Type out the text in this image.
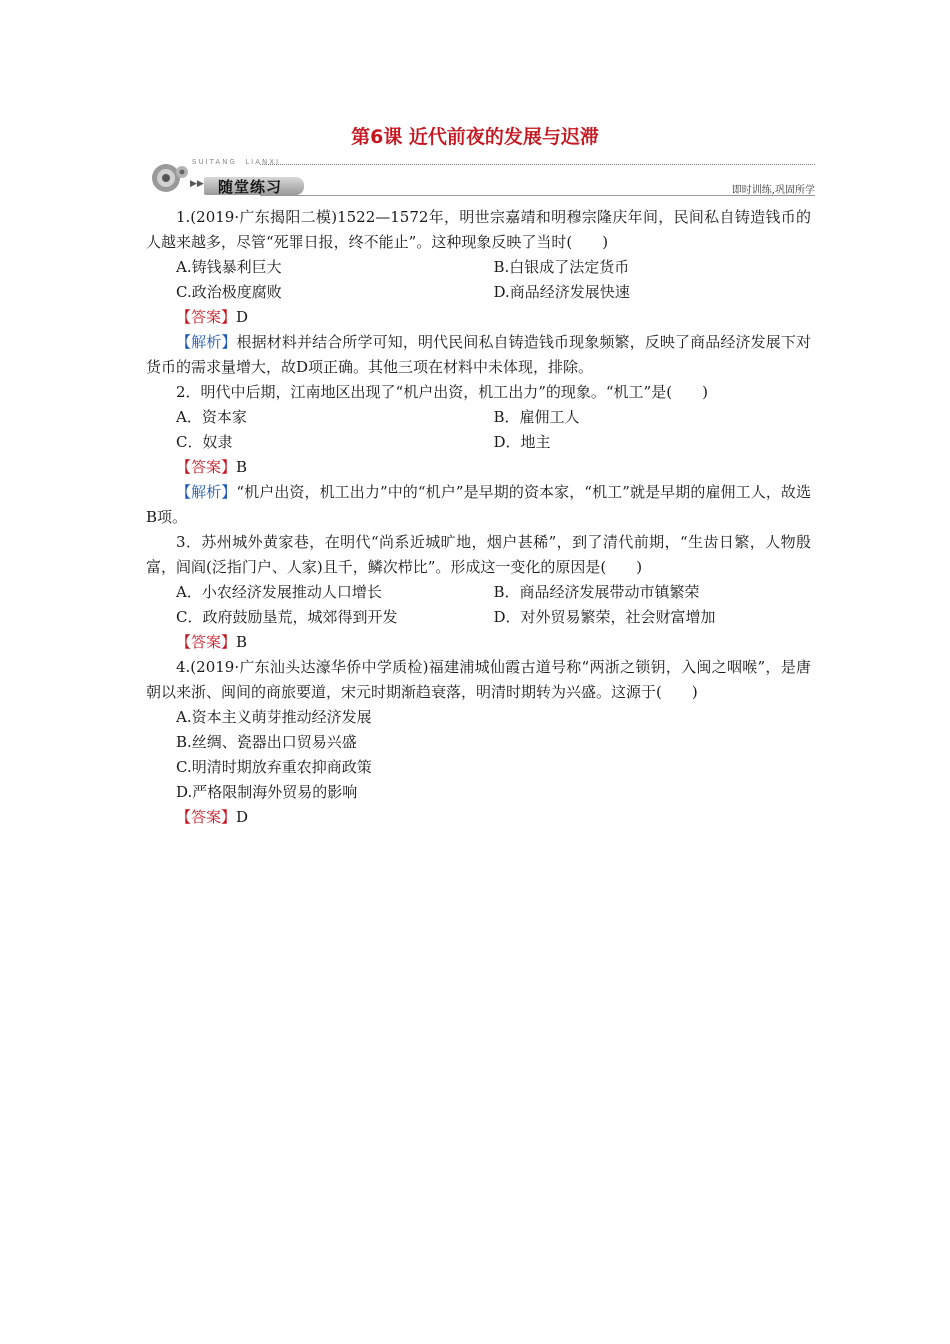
第6课 近代前夜的发展与迟滞
SUITANG  LIANXI
▶▶ 随堂练习	即时训练,巩固所学

1.(2019·广东揭阳二模)1522—1572年，明世宗嘉靖和明穆宗隆庆年间，民间私自铸造钱币的人越来越多，尽管“死罪日报，终不能止”。这种现象反映了当时(　　)

A.铸钱暴利巨大	B.白银成了法定货币
C.政治极度腐败	D.商品经济发展快速
【答案】D

【解析】根据材料并结合所学可知，明代民间私自铸造钱币现象频繁，反映了商品经济发展下对货币的需求量增大，故D项正确。其他三项在材料中未体现，排除。

2．明代中后期，江南地区出现了“机户出资，机工出力”的现象。“机工”是(　　)

A．资本家	B．雇佣工人
C．奴隶	D．地主
【答案】B

【解析】“机户出资，机工出力”中的“机户”是早期的资本家，“机工”就是早期的雇佣工人，故选B项。

3．苏州城外黄家巷，在明代“尚系近城旷地，烟户甚稀”，到了清代前期，“生齿日繁，人物殷富，闾阎(泛指门户、人家)且千，鳞次栉比”。形成这一变化的原因是(　　)

A．小农经济发展推动人口增长	B．商品经济发展带动市镇繁荣
C．政府鼓励垦荒，城郊得到开发	D．对外贸易繁荣，社会财富增加
【答案】B

4.(2019·广东汕头达濠华侨中学质检)福建浦城仙霞古道号称“两浙之锁钥，入闽之咽喉”，是唐朝以来浙、闽间的商旅要道，宋元时期渐趋衰落，明清时期转为兴盛。这源于(　　)

A.资本主义萌芽推动经济发展
B.丝绸、瓷器出口贸易兴盛
C.明清时期放弃重农抑商政策
D.严格限制海外贸易的影响
【答案】D
